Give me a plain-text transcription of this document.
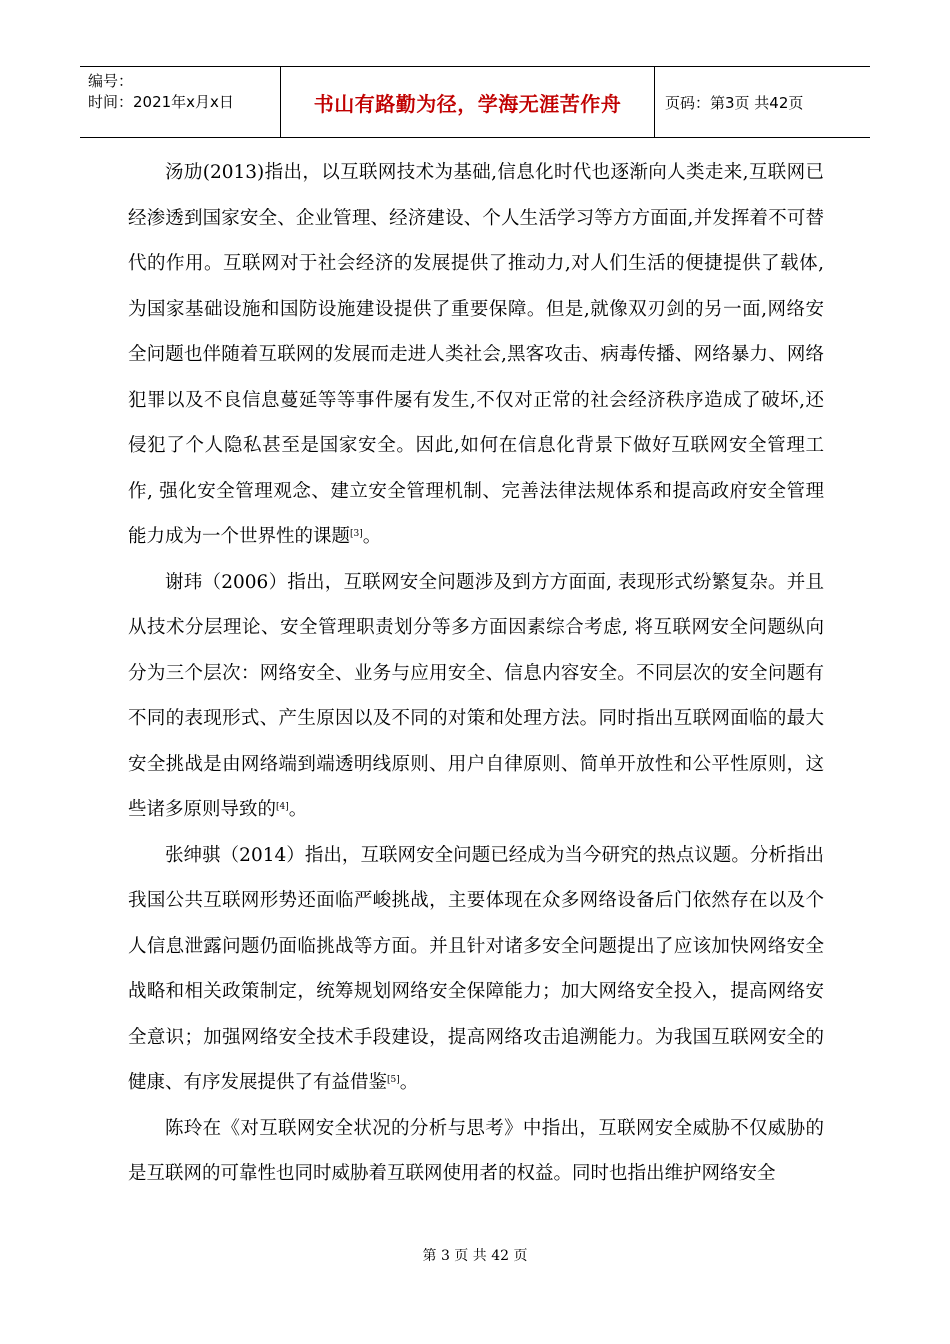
编号：
时间：2021年x月x日	书山有路勤为径，学海无涯苦作舟	页码：第3页 共42页

汤劢(2013)指出，以互联网技术为基础,信息化时代也逐渐向人类走来,互联网已经渗透到国家安全、企业管理、经济建设、个人生活学习等方方面面,并发挥着不可替代的作用。互联网对于社会经济的发展提供了推动力,对人们生活的便捷提供了载体,为国家基础设施和国防设施建设提供了重要保障。但是,就像双刃剑的另一面,网络安全问题也伴随着互联网的发展而走进人类社会,黑客攻击、病毒传播、网络暴力、网络犯罪以及不良信息蔓延等等事件屡有发生,不仅对正常的社会经济秩序造成了破坏,还侵犯了个人隐私甚至是国家安全。因此,如何在信息化背景下做好互联网安全管理工作, 强化安全管理观念、建立安全管理机制、完善法律法规体系和提高政府安全管理能力成为一个世界性的课题[3]。

谢玮（2006）指出，互联网安全问题涉及到方方面面, 表现形式纷繁复杂。并且从技术分层理论、安全管理职责划分等多方面因素综合考虑, 将互联网安全问题纵向分为三个层次：网络安全、业务与应用安全、信息内容安全。不同层次的安全问题有不同的表现形式、产生原因以及不同的对策和处理方法。同时指出互联网面临的最大安全挑战是由网络端到端透明线原则、用户自律原则、简单开放性和公平性原则，这些诸多原则导致的[4]。

张绅骐（2014）指出，互联网安全问题已经成为当今研究的热点议题。分析指出我国公共互联网形势还面临严峻挑战，主要体现在众多网络设备后门依然存在以及个人信息泄露问题仍面临挑战等方面。并且针对诸多安全问题提出了应该加快网络安全战略和相关政策制定，统筹规划网络安全保障能力；加大网络安全投入，提高网络安全意识；加强网络安全技术手段建设，提高网络攻击追溯能力。为我国互联网安全的健康、有序发展提供了有益借鉴[5]。

陈玲在《对互联网安全状况的分析与思考》中指出，互联网安全威胁不仅威胁的是互联网的可靠性也同时威胁着互联网使用者的权益。同时也指出维护网络安全

第 3 页 共 42 页
